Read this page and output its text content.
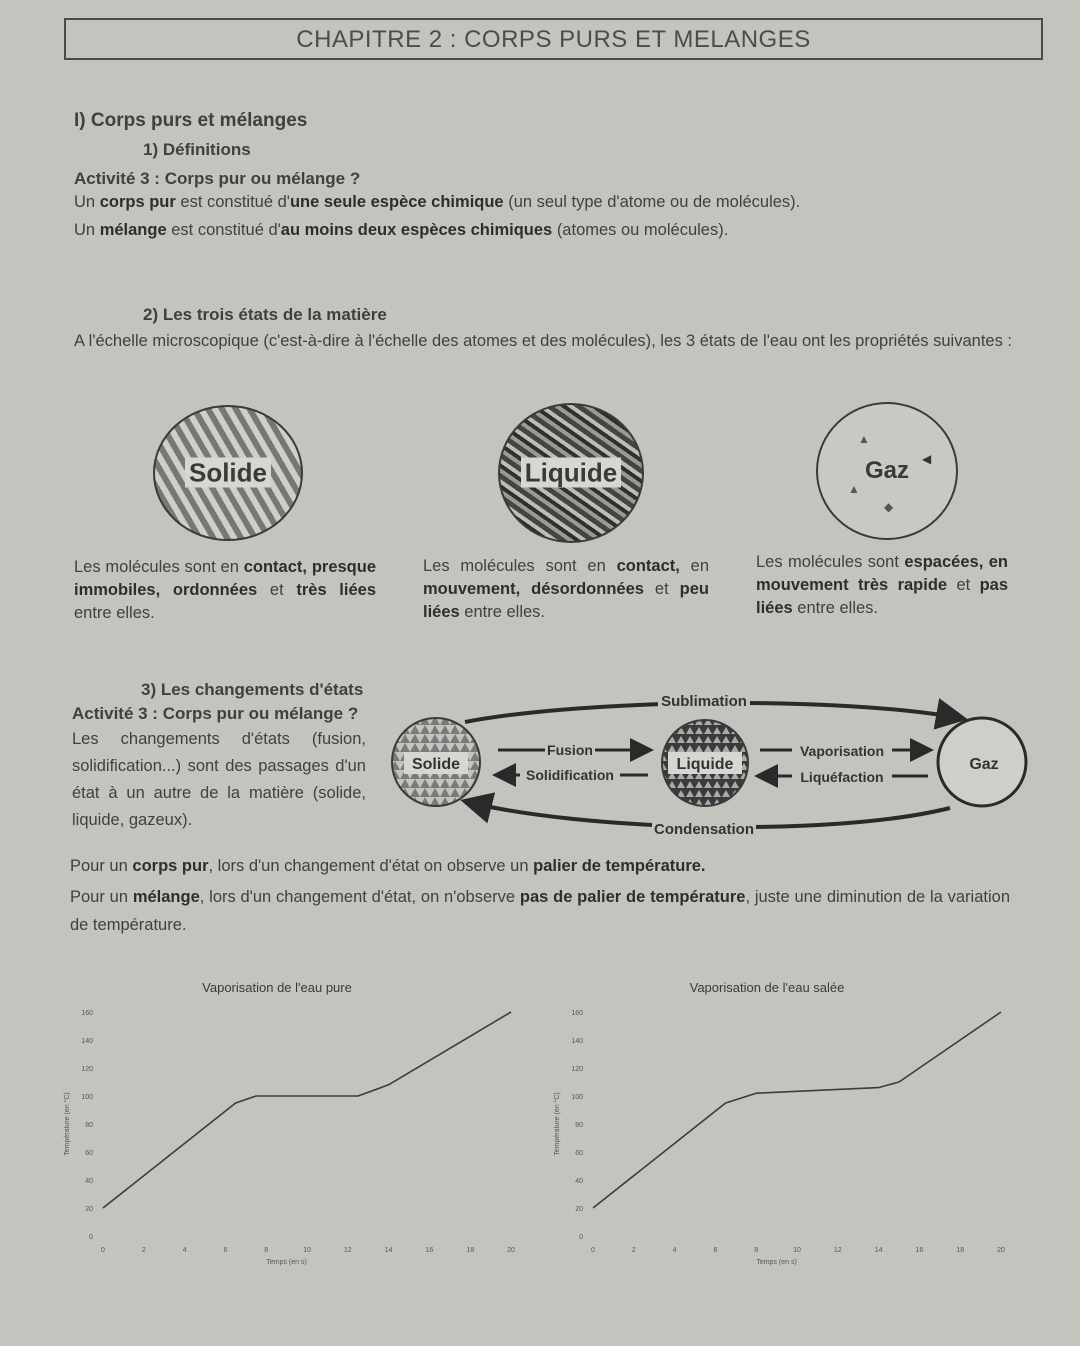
CHAPITRE 2 : CORPS PURS ET MELANGES
I) Corps purs et mélanges
1) Définitions
Activité 3 : Corps pur ou mélange ?
Un corps pur est constitué d'une seule espèce chimique (un seul type d'atome ou de molécules).
Un mélange est constitué d'au moins deux espèces chimiques (atomes ou molécules).
2) Les trois états de la matière
A l'échelle microscopique (c'est-à-dire à l'échelle des atomes et des molécules), les 3 états de l'eau ont les propriétés suivantes :
Solide	Liquide	Gaz
▲
▲
◆
◀
Les molécules sont en contact, presque immobiles, ordonnées et très liées entre elles.
Les molécules sont en contact, en mouvement, désordonnées et peu liées entre elles.
Les molécules sont espacées, en mouvement très rapide et pas liées entre elles.
3) Les changements d'états
Activité 3 : Corps pur ou mélange ?
Les changements d'états (fusion, solidification...) sont des passages d'un état à un autre de la matière (solide, liquide, gazeux).
Solide	Liquide	Gaz
Sublimation
Condensation
Fusion
Solidification
Vaporisation
Liquéfaction
Pour un corps pur, lors d'un changement d'état on observe un palier de température.
Pour un mélange, lors d'un changement d'état, on n'observe pas de palier de température, juste une diminution de la variation de température.
Vaporisation de l'eau pure
0
20
40
60
80
100
120
140
160
0	2	4	6	8	10	12	14	16	18	20
Temps (en s)
Température (en °C)
Vaporisation de l'eau salée
0
20
40
60
80
100
120
140
160
0	2	4	6	8	10	12	14	16	18	20
Temps (en s)
Température (en °C)
